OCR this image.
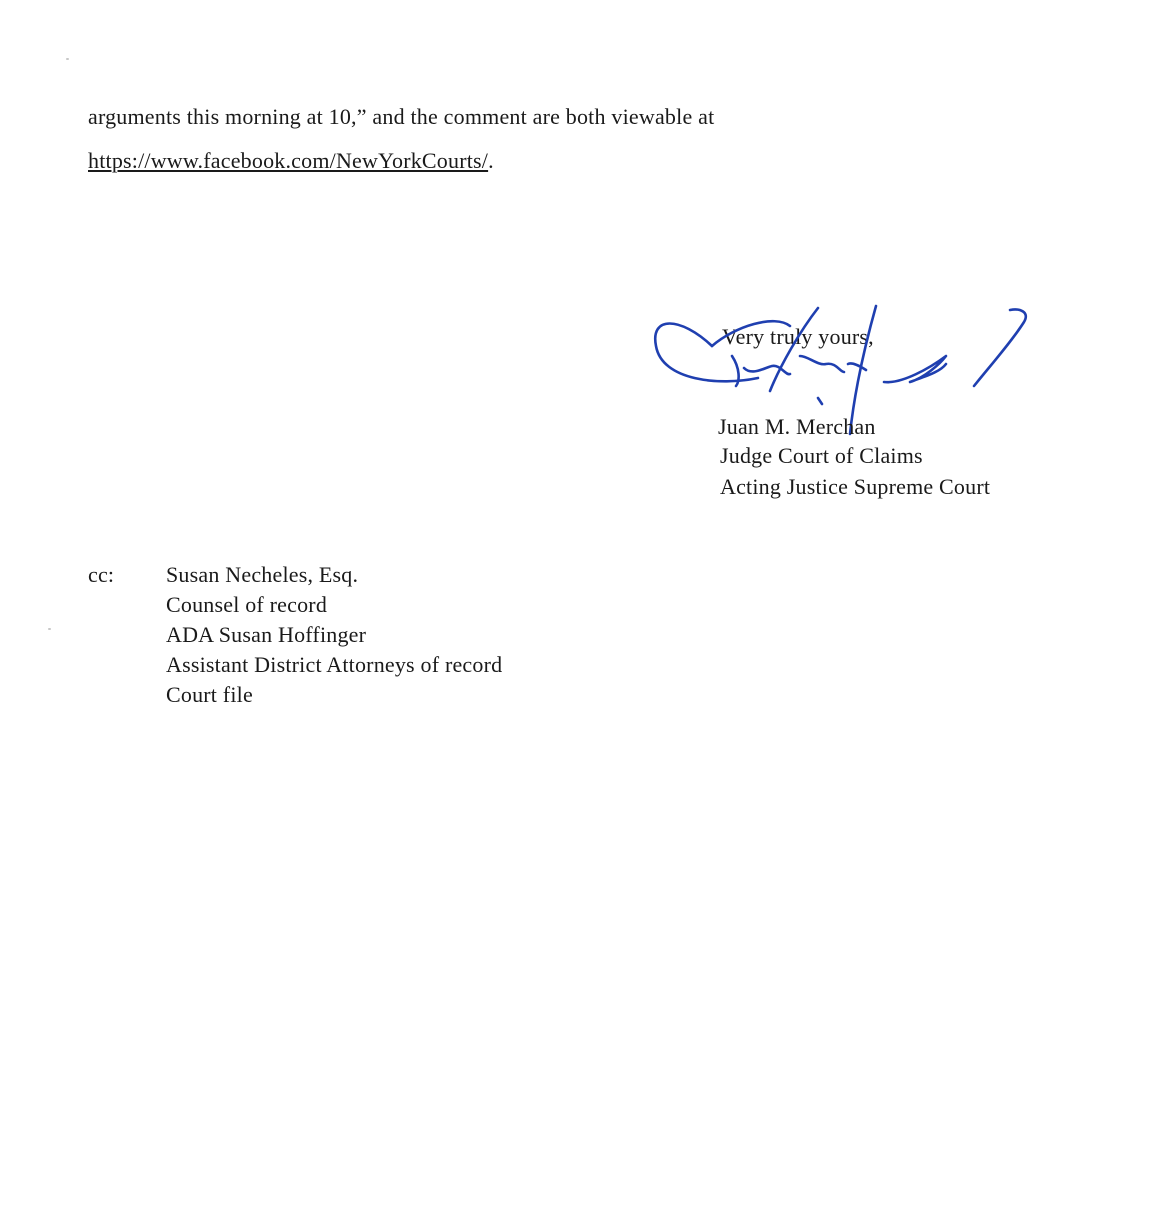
arguments this morning at 10,” and the comment are both viewable at
https://www.facebook.com/NewYorkCourts/.
Very truly yours,
Juan M. Merchan
Judge Court of Claims
Acting Justice Supreme Court
cc: Susan Necheles, Esq.
Counsel of record
ADA Susan Hoffinger
Assistant District Attorneys of record
Court file
